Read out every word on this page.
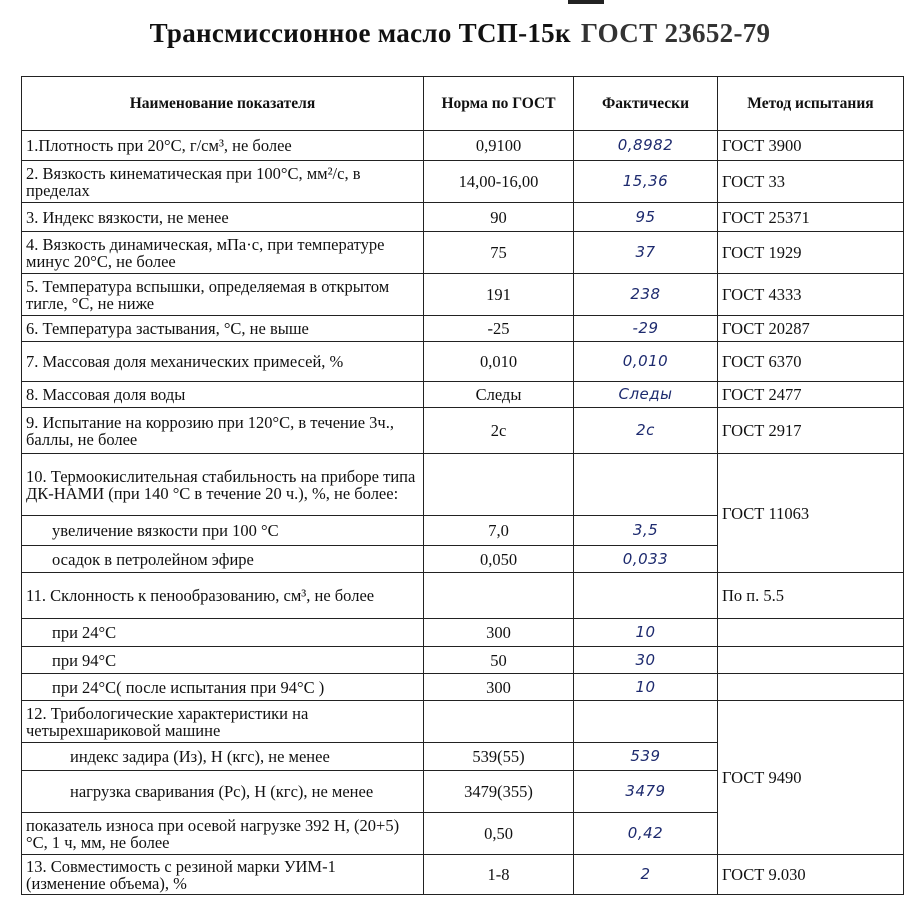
Трансмиссионное масло ТСП-15к ГОСТ 23652-79
Наименование показателя	Норма по ГОСТ	Фактически	Метод испытания
1.Плотность при 20°С, г/см³, не более	0,9100	0,8982	ГОСТ 3900
2. Вязкость кинематическая при 100°С, мм²/с, в пределах	14,00-16,00	15,36	ГОСТ 33
3. Индекс вязкости, не менее	90	95	ГОСТ 25371
4. Вязкость динамическая, мПа·с, при температуре минус 20°С, не более	75	37	ГОСТ 1929
5. Температура вспышки, определяемая в открытом тигле, °С, не ниже	191	238	ГОСТ 4333
6. Температура застывания, °С, не выше	-25	-29	ГОСТ 20287
7. Массовая доля механических примесей, %	0,010	0,010	ГОСТ 6370
8. Массовая доля воды	Следы	Следы	ГОСТ 2477
9. Испытание на коррозию при 120°С, в течение 3ч., баллы, не более	2с	2с	ГОСТ 2917
10. Термоокислительная стабильность на приборе типа ДК-НАМИ (при 140 °С в течение 20 ч.), %, не более:			ГОСТ 11063
увеличение вязкости при 100 °С	7,0	3,5	
осадок в петролейном эфире	0,050	0,033	
11. Склонность к пенообразованию, см³, не более			По п. 5.5
при 24°С	300	10	
при 94°С	50	30	
при 24°С( после испытания при 94°С )	300	10	
12. Трибологические характеристики на четырехшариковой машине			ГОСТ 9490
индекс задира (Из), Н (кгс), не менее	539(55)	539	
нагрузка сваривания (Рс), Н (кгс), не менее	3479(355)	3479	
показатель износа при осевой нагрузке 392 Н, (20+5)°С, 1 ч, мм, не более	0,50	0,42	
13. Совместимость с резиной марки УИМ-1 (изменение объема), %	1-8	2	ГОСТ 9.030
